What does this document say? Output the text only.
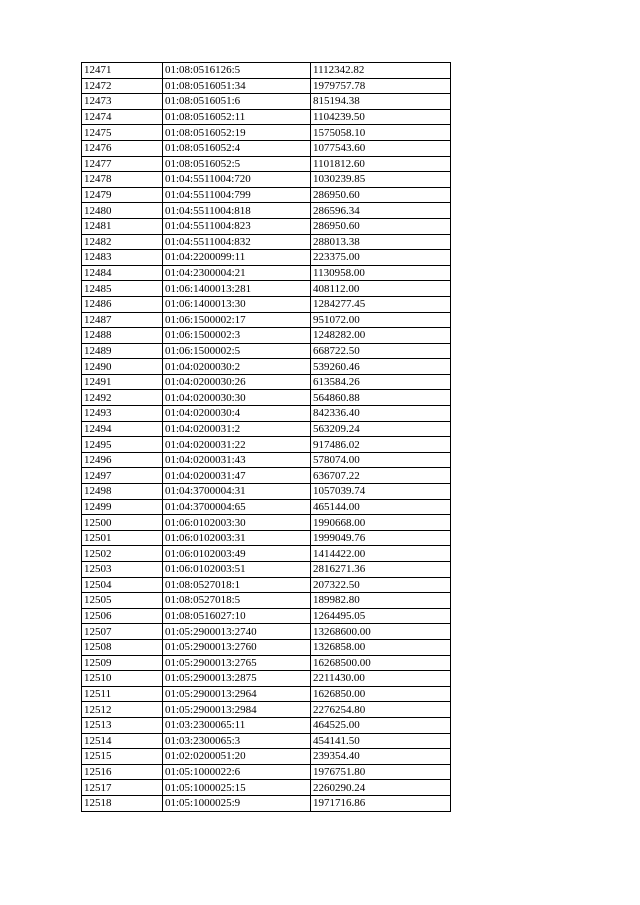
12471	01:08:0516126:5	1112342.82
12472	01:08:0516051:34	1979757.78
12473	01:08:0516051:6	815194.38
12474	01:08:0516052:11	1104239.50
12475	01:08:0516052:19	1575058.10
12476	01:08:0516052:4	1077543.60
12477	01:08:0516052:5	1101812.60
12478	01:04:5511004:720	1030239.85
12479	01:04:5511004:799	286950.60
12480	01:04:5511004:818	286596.34
12481	01:04:5511004:823	286950.60
12482	01:04:5511004:832	288013.38
12483	01:04:2200099:11	223375.00
12484	01:04:2300004:21	1130958.00
12485	01:06:1400013:281	408112.00
12486	01:06:1400013:30	1284277.45
12487	01:06:1500002:17	951072.00
12488	01:06:1500002:3	1248282.00
12489	01:06:1500002:5	668722.50
12490	01:04:0200030:2	539260.46
12491	01:04:0200030:26	613584.26
12492	01:04:0200030:30	564860.88
12493	01:04:0200030:4	842336.40
12494	01:04:0200031:2	563209.24
12495	01:04:0200031:22	917486.02
12496	01:04:0200031:43	578074.00
12497	01:04:0200031:47	636707.22
12498	01:04:3700004:31	1057039.74
12499	01:04:3700004:65	465144.00
12500	01:06:0102003:30	1990668.00
12501	01:06:0102003:31	1999049.76
12502	01:06:0102003:49	1414422.00
12503	01:06:0102003:51	2816271.36
12504	01:08:0527018:1	207322.50
12505	01:08:0527018:5	189982.80
12506	01:08:0516027:10	1264495.05
12507	01:05:2900013:2740	13268600.00
12508	01:05:2900013:2760	1326858.00
12509	01:05:2900013:2765	16268500.00
12510	01:05:2900013:2875	2211430.00
12511	01:05:2900013:2964	1626850.00
12512	01:05:2900013:2984	2276254.80
12513	01:03:2300065:11	464525.00
12514	01:03:2300065:3	454141.50
12515	01:02:0200051:20	239354.40
12516	01:05:1000022:6	1976751.80
12517	01:05:1000025:15	2260290.24
12518	01:05:1000025:9	1971716.86
